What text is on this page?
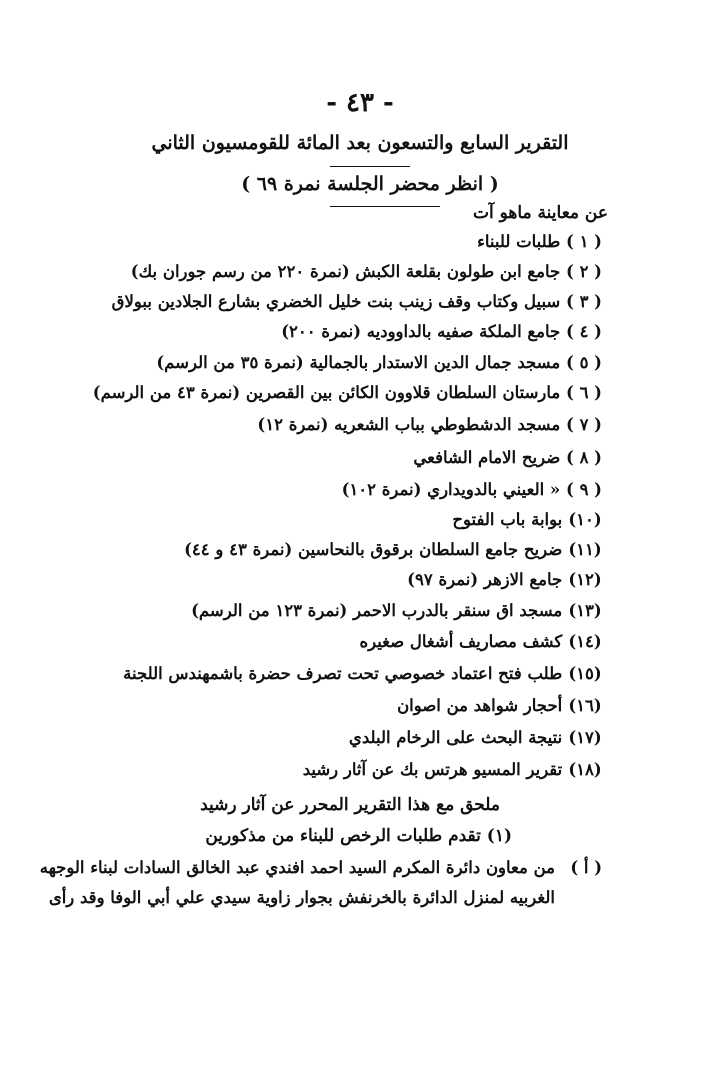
- ٤٣ -
التقرير السابع والتسعون بعد المائة للقومسيون الثاني
( انظر محضر الجلسة نمرة ٦٩ )
عن معاينة ماهو آت
( ١ ) طلبات للبناء
( ٢ ) جامع ابن طولون بقلعة الكبش (نمرة ٢٢٠ من رسم جوران بك)
( ٣ ) سبيل وكتاب وقف زينب بنت خليل الخضري بشارع الجلادين ببولاق
( ٤ ) جامع الملكة صفيه بالداووديه (نمرة ٢٠٠)
( ٥ ) مسجد جمال الدين الاستدار بالجمالية (نمرة ٣٥ من الرسم)
( ٦ ) مارستان السلطان قلاوون الكائن بين القصرين (نمرة ٤٣ من الرسم)
( ٧ ) مسجد الدشطوطي بباب الشعريه (نمرة ١٢)
( ٨ ) ضريح الامام الشافعي
( ٩ ) « العيني بالدويداري (نمرة ١٠٢)
(١٠) بوابة باب الفتوح
(١١) ضريح جامع السلطان برقوق بالنحاسين (نمرة ٤٣ و ٤٤)
(١٢) جامع الازهر (نمرة ٩٧)
(١٣) مسجد اق سنقر بالدرب الاحمر (نمرة ١٢٣ من الرسم)
(١٤) كشف مصاريف أشغال صغيره
(١٥) طلب فتح اعتماد خصوصي تحت تصرف حضرة باشمهندس اللجنة
(١٦) أحجار شواهد من اصوان
(١٧) نتيجة البحث على الرخام البلدي
(١٨) تقرير المسيو هرتس بك عن آثار رشيد
ملحق مع هذا التقرير المحرر عن آثار رشيد
(١) تقدم طلبات الرخص للبناء من مذكورين
( أ )
من معاون دائرة المكرم السيد احمد افندي عبد الخالق السادات لبناء الوجهه
الغربيه لمنزل الدائرة بالخرنفش بجوار زاوية سيدي علي أبي الوفا وقد رأى
